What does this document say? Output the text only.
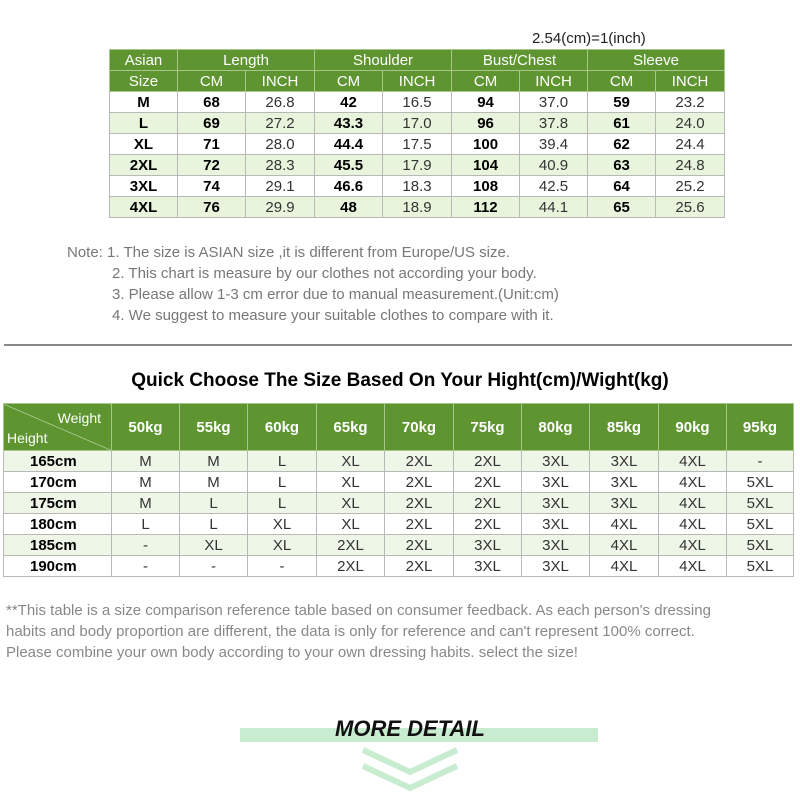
2.54(cm)=1(inch)
Asian	Length		Shoulder		Bust/Chest		Sleeve	
Size	CM	INCH	CM	INCH	CM	INCH	CM	INCH
M	68	26.8	42	16.5	94	37.0	59	23.2
L	69	27.2	43.3	17.0	96	37.8	61	24.0
XL	71	28.0	44.4	17.5	100	39.4	62	24.4
2XL	72	28.3	45.5	17.9	104	40.9	63	24.8
3XL	74	29.1	46.6	18.3	108	42.5	64	25.2
4XL	76	29.9	48	18.9	112	44.1	65	25.6
Note: 1. The size is ASIAN size ,it is different from Europe/US size.
2. This chart is measure by our clothes not according your body.
3. Please allow 1-3 cm error due to manual measurement.(Unit:cm)
4. We suggest to measure your suitable clothes to compare with it.
Quick Choose The Size Based On Your Hight(cm)/Wight(kg)
Weight
Height	50kg	55kg	60kg	65kg	70kg	75kg	80kg	85kg	90kg	95kg
165cm	M	M	L	XL	2XL	2XL	3XL	3XL	4XL	-
170cm	M	M	L	XL	2XL	2XL	3XL	3XL	4XL	5XL
175cm	M	L	L	XL	2XL	2XL	3XL	3XL	4XL	5XL
180cm	L	L	XL	XL	2XL	2XL	3XL	4XL	4XL	5XL
185cm	-	XL	XL	2XL	2XL	3XL	3XL	4XL	4XL	5XL
190cm	-	-	-	2XL	2XL	3XL	3XL	4XL	4XL	5XL
**This table is a size comparison reference table based on consumer feedback. As each person's dressing
habits and body proportion are different, the data is only for reference and can't represent 100% correct.
Please combine your own body according to your own dressing habits. select the size!
MORE DETAIL
